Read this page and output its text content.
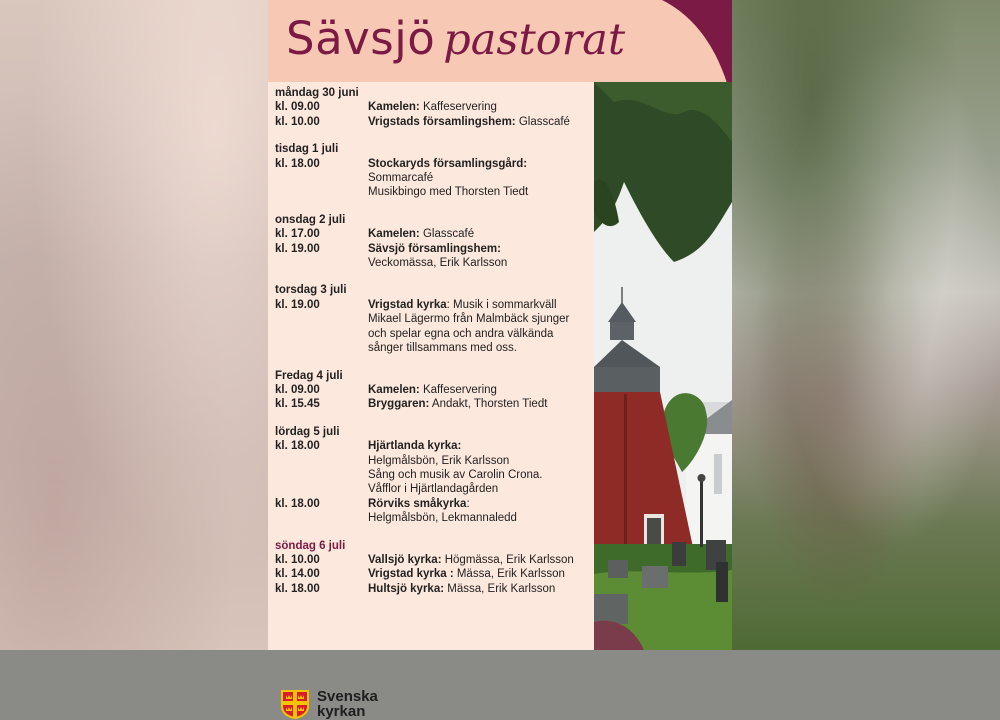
Sävsjö pastorat
måndag 30 juni
kl. 09.00	Kamelen: Kaffeservering
kl. 10.00	Vrigstads församlingshem: Glasscafé
tisdag 1 juli
kl. 18.00	Stockaryds församlingsgård:
Sommarcafé
Musikbingo med Thorsten Tiedt
onsdag 2 juli
kl. 17.00	Kamelen: Glasscafé
kl. 19.00	Sävsjö församlingshem:
Veckomässa, Erik Karlsson
torsdag 3 juli
kl. 19.00	Vrigstad kyrka: Musik i sommarkväll
Mikael Lägermo från Malmbäck sjunger
och spelar egna och andra välkända
sånger tillsammans med oss.
Fredag 4 juli
kl. 09.00	Kamelen: Kaffeservering
kl. 15.45	Bryggaren: Andakt, Thorsten Tiedt
lördag 5 juli
kl. 18.00	Hjärtlanda kyrka:
Helgmålsbön, Erik Karlsson
Sång och musik av Carolin Crona.
Våfflor i Hjärtlandagården
kl. 18.00	Rörviks småkyrka:
Helgmålsbön, Lekmannaledd
söndag 6 juli
kl. 10.00	Vallsjö kyrka: Högmässa, Erik Karlsson
kl. 14.00	Vrigstad kyrka : Mässa, Erik Karlsson
kl. 18.00	Hultsjö kyrka: Mässa, Erik Karlsson
Svenska
kyrkan
